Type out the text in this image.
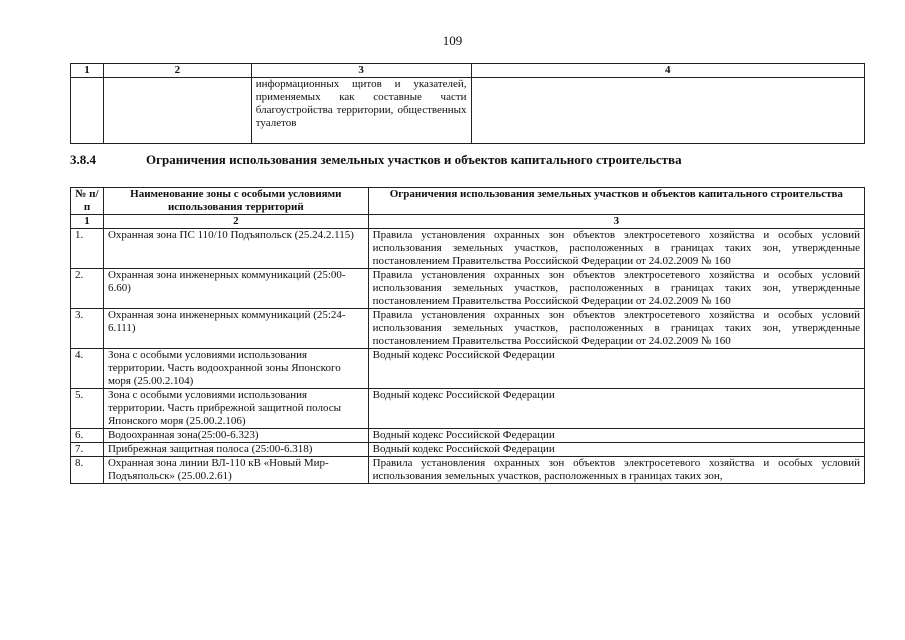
109
1	2	3	4
		информационных щитов и указателей, применяемых как составные части благоустройства территории, общественных туалетов	
3.8.4	Ограничения использования земельных участков и объектов капитального строительства
№ п/п	Наименование зоны с особыми условиями использования территорий	Ограничения использования земельных участков и объектов капитального строительства
1	2	3
1.	Охранная зона ПС 110/10 Подъяпольск (25.24.2.115)	Правила установления охранных зон объектов электросетевого хозяйства и особых условий использования земельных участков, расположенных в границах таких зон, утвержденные постановлением Правительства Российской Федерации от 24.02.2009 № 160
2.	Охранная зона инженерных коммуникаций (25:00-6.60)	Правила установления охранных зон объектов электросетевого хозяйства и особых условий использования земельных участков, расположенных в границах таких зон, утвержденные постановлением Правительства Российской Федерации от 24.02.2009 № 160
3.	Охранная зона инженерных коммуникаций (25:24-6.111)	Правила установления охранных зон объектов электросетевого хозяйства и особых условий использования земельных участков, расположенных в границах таких зон, утвержденные постановлением Правительства Российской Федерации от 24.02.2009 № 160
4.	Зона с особыми условиями использования территории. Часть водоохранной зоны Японского моря (25.00.2.104)	Водный кодекс Российской Федерации
5.	Зона с особыми условиями использования территории. Часть прибрежной защитной полосы Японского моря (25.00.2.106)	Водный кодекс Российской Федерации
6.	Водоохранная зона(25:00-6.323)	Водный кодекс Российской Федерации
7.	Прибрежная защитная полоса (25:00-6.318)	Водный кодекс Российской Федерации
8.	Охранная зона линии ВЛ-110 кВ «Новый Мир-Подъяпольск» (25.00.2.61)	Правила установления охранных зон объектов электросетевого хозяйства и особых условий использования земельных участков, расположенных в границах таких зон,
